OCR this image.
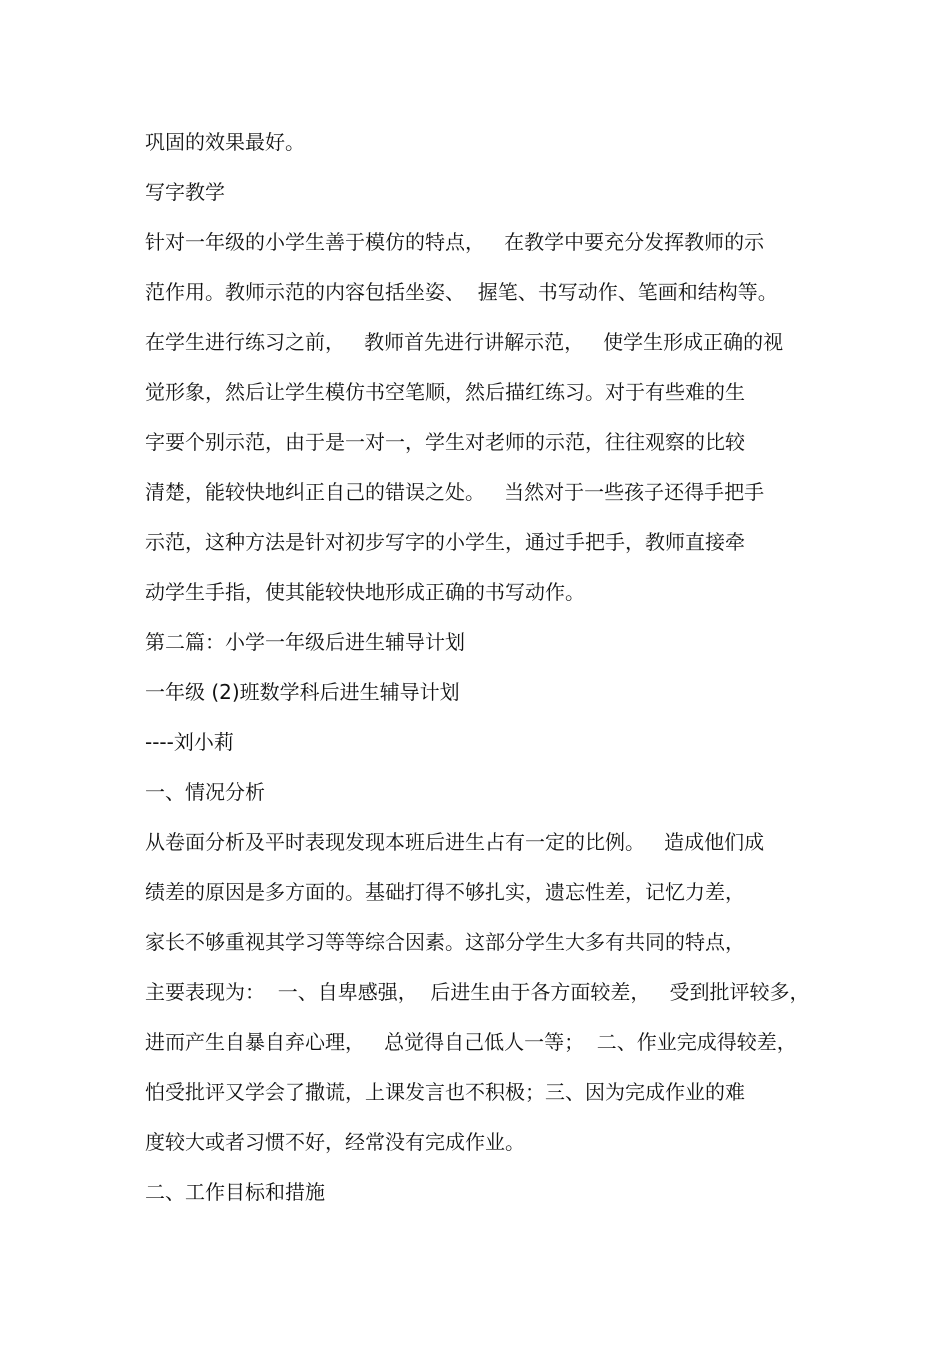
巩固的效果最好。
写字教学
针对一年级的小学生善于模仿的特点，   在教学中要充分发挥教师的示
范作用。教师示范的内容包括坐姿、  握笔、书写动作、笔画和结构等。
在学生进行练习之前，   教师首先进行讲解示范，   使学生形成正确的视
觉形象，然后让学生模仿书空笔顺，然后描红练习。对于有些难的生
字要个别示范，由于是一对一，学生对老师的示范，往往观察的比较
清楚，能较快地纠正自己的错误之处。   当然对于一些孩子还得手把手
示范，这种方法是针对初步写字的小学生，通过手把手，教师直接牵
动学生手指，使其能较快地形成正确的书写动作。
第二篇：小学一年级后进生辅导计划
一年级 (2)班数学科后进生辅导计划
----刘小莉
一、情况分析
从卷面分析及平时表现发现本班后进生占有一定的比例。   造成他们成
绩差的原因是多方面的。基础打得不够扎实，遗忘性差，记忆力差，
家长不够重视其学习等等综合因素。这部分学生大多有共同的特点，
主要表现为：  一、自卑感强，  后进生由于各方面较差，   受到批评较多，
进而产生自暴自弃心理，   总觉得自己低人一等；  二、作业完成得较差，
怕受批评又学会了撒谎，上课发言也不积极；三、因为完成作业的难
度较大或者习惯不好，经常没有完成作业。
二、工作目标和措施
